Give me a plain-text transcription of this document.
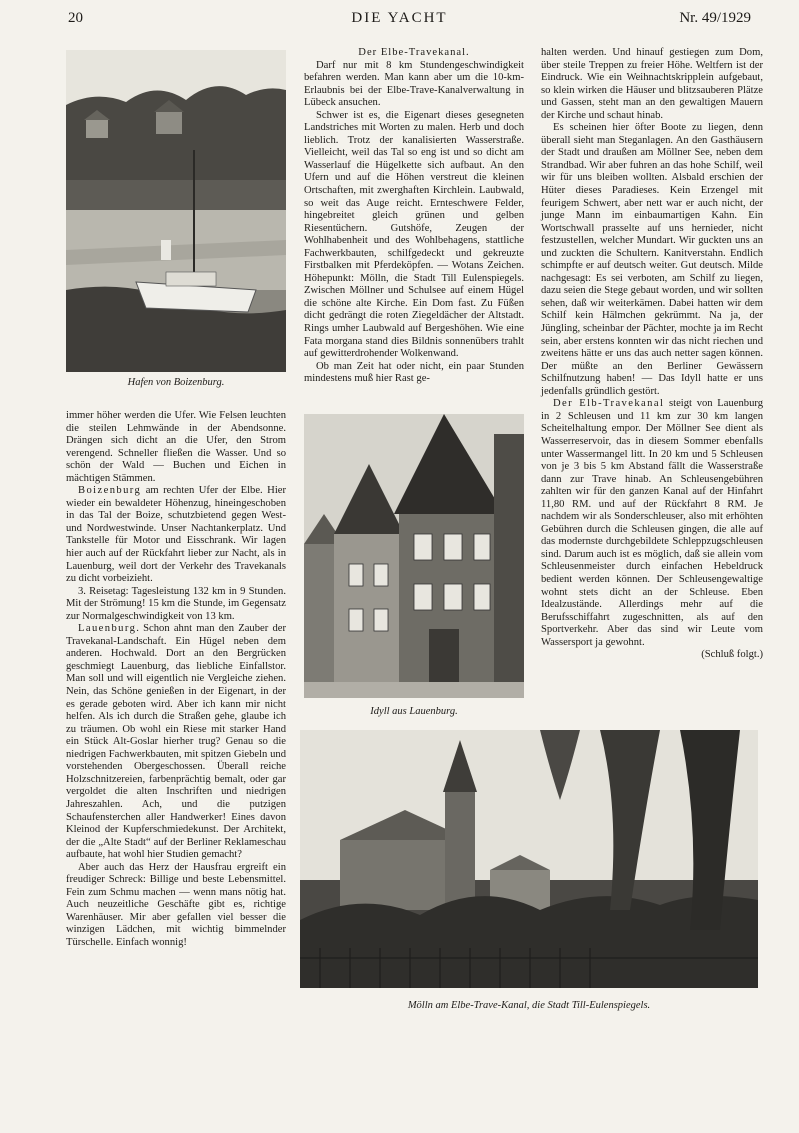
20	DIE YACHT	Nr. 49/1929
Hafen von Boizenburg.

immer höher werden die Ufer. Wie Felsen leuchten die steilen Lehmwände in der Abendsonne. Drängen sich dicht an die Ufer, den Strom verengend. Schneller fließen die Wasser. Und so schön der Wald — Buchen und Eichen in mächtigen Stämmen.

Boizenburg am rechten Ufer der Elbe. Hier wieder ein bewaldeter Höhenzug, hineingeschoben in das Tal der Boize, schutzbietend gegen West- und Nordwestwinde. Unser Nachtankerplatz. Und Tankstelle für Motor und Eisschrank. Wir lagen hier auch auf der Rückfahrt lieber zur Nacht, als in Lauenburg, weil dort der Verkehr des Travekanals zu dicht vorbeizieht.

3. Reisetag: Tagesleistung 132 km in 9 Stunden. Mit der Strömung! 15 km die Stunde, im Gegensatz zur Normalgeschwindigkeit von 13 km.

Lauenburg. Schon ahnt man den Zauber der Travekanal-Landschaft. Ein Hügel neben dem anderen. Hochwald. Dort an den Bergrücken geschmiegt Lauenburg, das liebliche Einfallstor. Man soll und will eigentlich nie Vergleiche ziehen. Nein, das Schöne genießen in der Eigenart, in der es gerade geboten wird. Aber ich kann mir nicht helfen. Als ich durch die Straßen gehe, glaube ich zu träumen. Ob wohl ein Riese mit starker Hand ein Stück Alt-Goslar hierher trug? Genau so die niedrigen Fachwerkbauten, mit spitzen Giebeln und vorstehenden Obergeschossen. Überall reiche Holzschnitzereien, farbenprächtig bemalt, oder gar vergoldet die alten Inschriften und niedrigen Jahreszahlen. Ach, und die putzigen Schaufensterchen aller Handwerker! Eines davon Kleinod der Kupferschmiedekunst. Der Architekt, der die „Alte Stadt“ auf der Berliner Reklameschau aufbaute, hat wohl hier Studien gemacht?

Aber auch das Herz der Hausfrau ergreift ein freudiger Schreck: Billige und beste Lebensmittel. Fein zum Schmu machen — wenn mans nötig hat. Auch neuzeitliche Geschäfte gibt es, richtige Warenhäuser. Mir aber gefallen viel besser die winzigen Lädchen, mit wichtig bimmelnder Türschelle. Einfach wonnig!

Der Elbe-Travekanal.

Darf nur mit 8 km Stundengeschwindigkeit befahren werden. Man kann aber um die 10-km-Erlaubnis bei der Elbe-Trave-Kanalverwaltung in Lübeck ansuchen.

Schwer ist es, die Eigenart dieses gesegneten Landstriches mit Worten zu malen. Herb und doch lieblich. Trotz der kanalisierten Wasserstraße. Vielleicht, weil das Tal so eng ist und so dicht am Wasserlauf die Hügelkette sich aufbaut. An den Ufern und auf die Höhen verstreut die kleinen Ortschaften, mit zwerghaften Kirchlein. Laubwald, so weit das Auge reicht. Ernteschwere Felder, hingebreitet gleich grünen und gelben Riesentüchern. Gutshöfe, Zeugen der Wohlhabenheit und des Wohlbehagens, stattliche Fachwerkbauten, schilfgedeckt und gekreuzte Firstbalken mit Pferdeköpfen. — Wotans Zeichen. Höhepunkt: Mölln, die Stadt Till Eulenspiegels. Zwischen Möllner und Schulsee auf einem Hügel die schöne alte Kirche. Ein Dom fast. Zu Füßen dicht gedrängt die roten Ziegeldächer der Altstadt. Rings umher Laubwald auf Bergeshöhen. Wie eine Fata morgana stand dies Bildnis sonnenübers trahlt auf gewitterdrohender Wolkenwand.

Ob man Zeit hat oder nicht, ein paar Stunden mindestens muß hier Rast ge-

Idyll aus Lauenburg.

halten werden. Und hinauf gestiegen zum Dom, über steile Treppen zu freier Höhe. Weltfern ist der Eindruck. Wie ein Weihnachtskripplein aufgebaut, so klein wirken die Häuser und blitzsauberen Plätze und Gassen, steht man an den gewaltigen Mauern der Kirche und schaut hinab.

Es scheinen hier öfter Boote zu liegen, denn überall sieht man Steganlagen. An den Gasthäusern der Stadt und draußen am Möllner See, neben dem Strandbad. Wir aber fuhren an das hohe Schilf, weil wir für uns bleiben wollten. Alsbald erschien der Hüter dieses Paradieses. Kein Erzengel mit feurigem Schwert, aber nett war er auch nicht, der junge Mann im einbaumartigen Kahn. Ein Wortschwall prasselte auf uns hernieder, nicht festzustellen, welcher Mundart. Wir guckten uns an und zuckten die Schultern. Kanitverstahn. Endlich schimpfte er auf deutsch weiter. Gut deutsch. Milde nachgesagt: Es sei verboten, am Schilf zu liegen, dazu seien die Stege gebaut worden, und wir sollten sehen, daß wir weiterkämen. Dabei hatten wir dem Schilf kein Hälmchen gekrümmt. Na ja, der Jüngling, scheinbar der Pächter, mochte ja im Recht sein, aber erstens konnten wir das nicht riechen und zweitens hätte er uns das auch netter sagen können. Der müßte an den Berliner Gewässern Schilfnutzung haben! — Das Idyll hatte er uns jedenfalls gründlich gestört.

Der Elb-Travekanal steigt von Lauenburg in 2 Schleusen und 11 km zur 30 km langen Scheitelhaltung empor. Der Möllner See dient als Wasserreservoir, das in diesem Sommer ebenfalls unter Wassermangel litt. In 20 km und 5 Schleusen von je 3 bis 5 km Abstand fällt die Wasserstraße dann zur Trave hinab. An Schleusengebühren zahlten wir für den ganzen Kanal auf der Hinfahrt 11,80 RM. und auf der Rückfahrt 8 RM. Je nachdem wir als Sonderschleuser, also mit erhöhten Gebühren durch die Schleusen gingen, die alle auf das modernste durchgebildete Schleppzugschleusen sind. Darum auch ist es möglich, daß sie allein vom Schleusenmeister durch einfachen Hebeldruck bedient werden können. Der Schleusengewaltige wohnt stets dicht an der Schleuse. Eben Idealzustände. Allerdings mehr auf die Berufsschiffahrt zugeschnitten, als auf den Sportverkehr. Aber das sind wir Leute vom Wassersport ja gewohnt.

(Schluß folgt.)
Mölln am Elbe-Trave-Kanal, die Stadt Till-Eulenspiegels.
